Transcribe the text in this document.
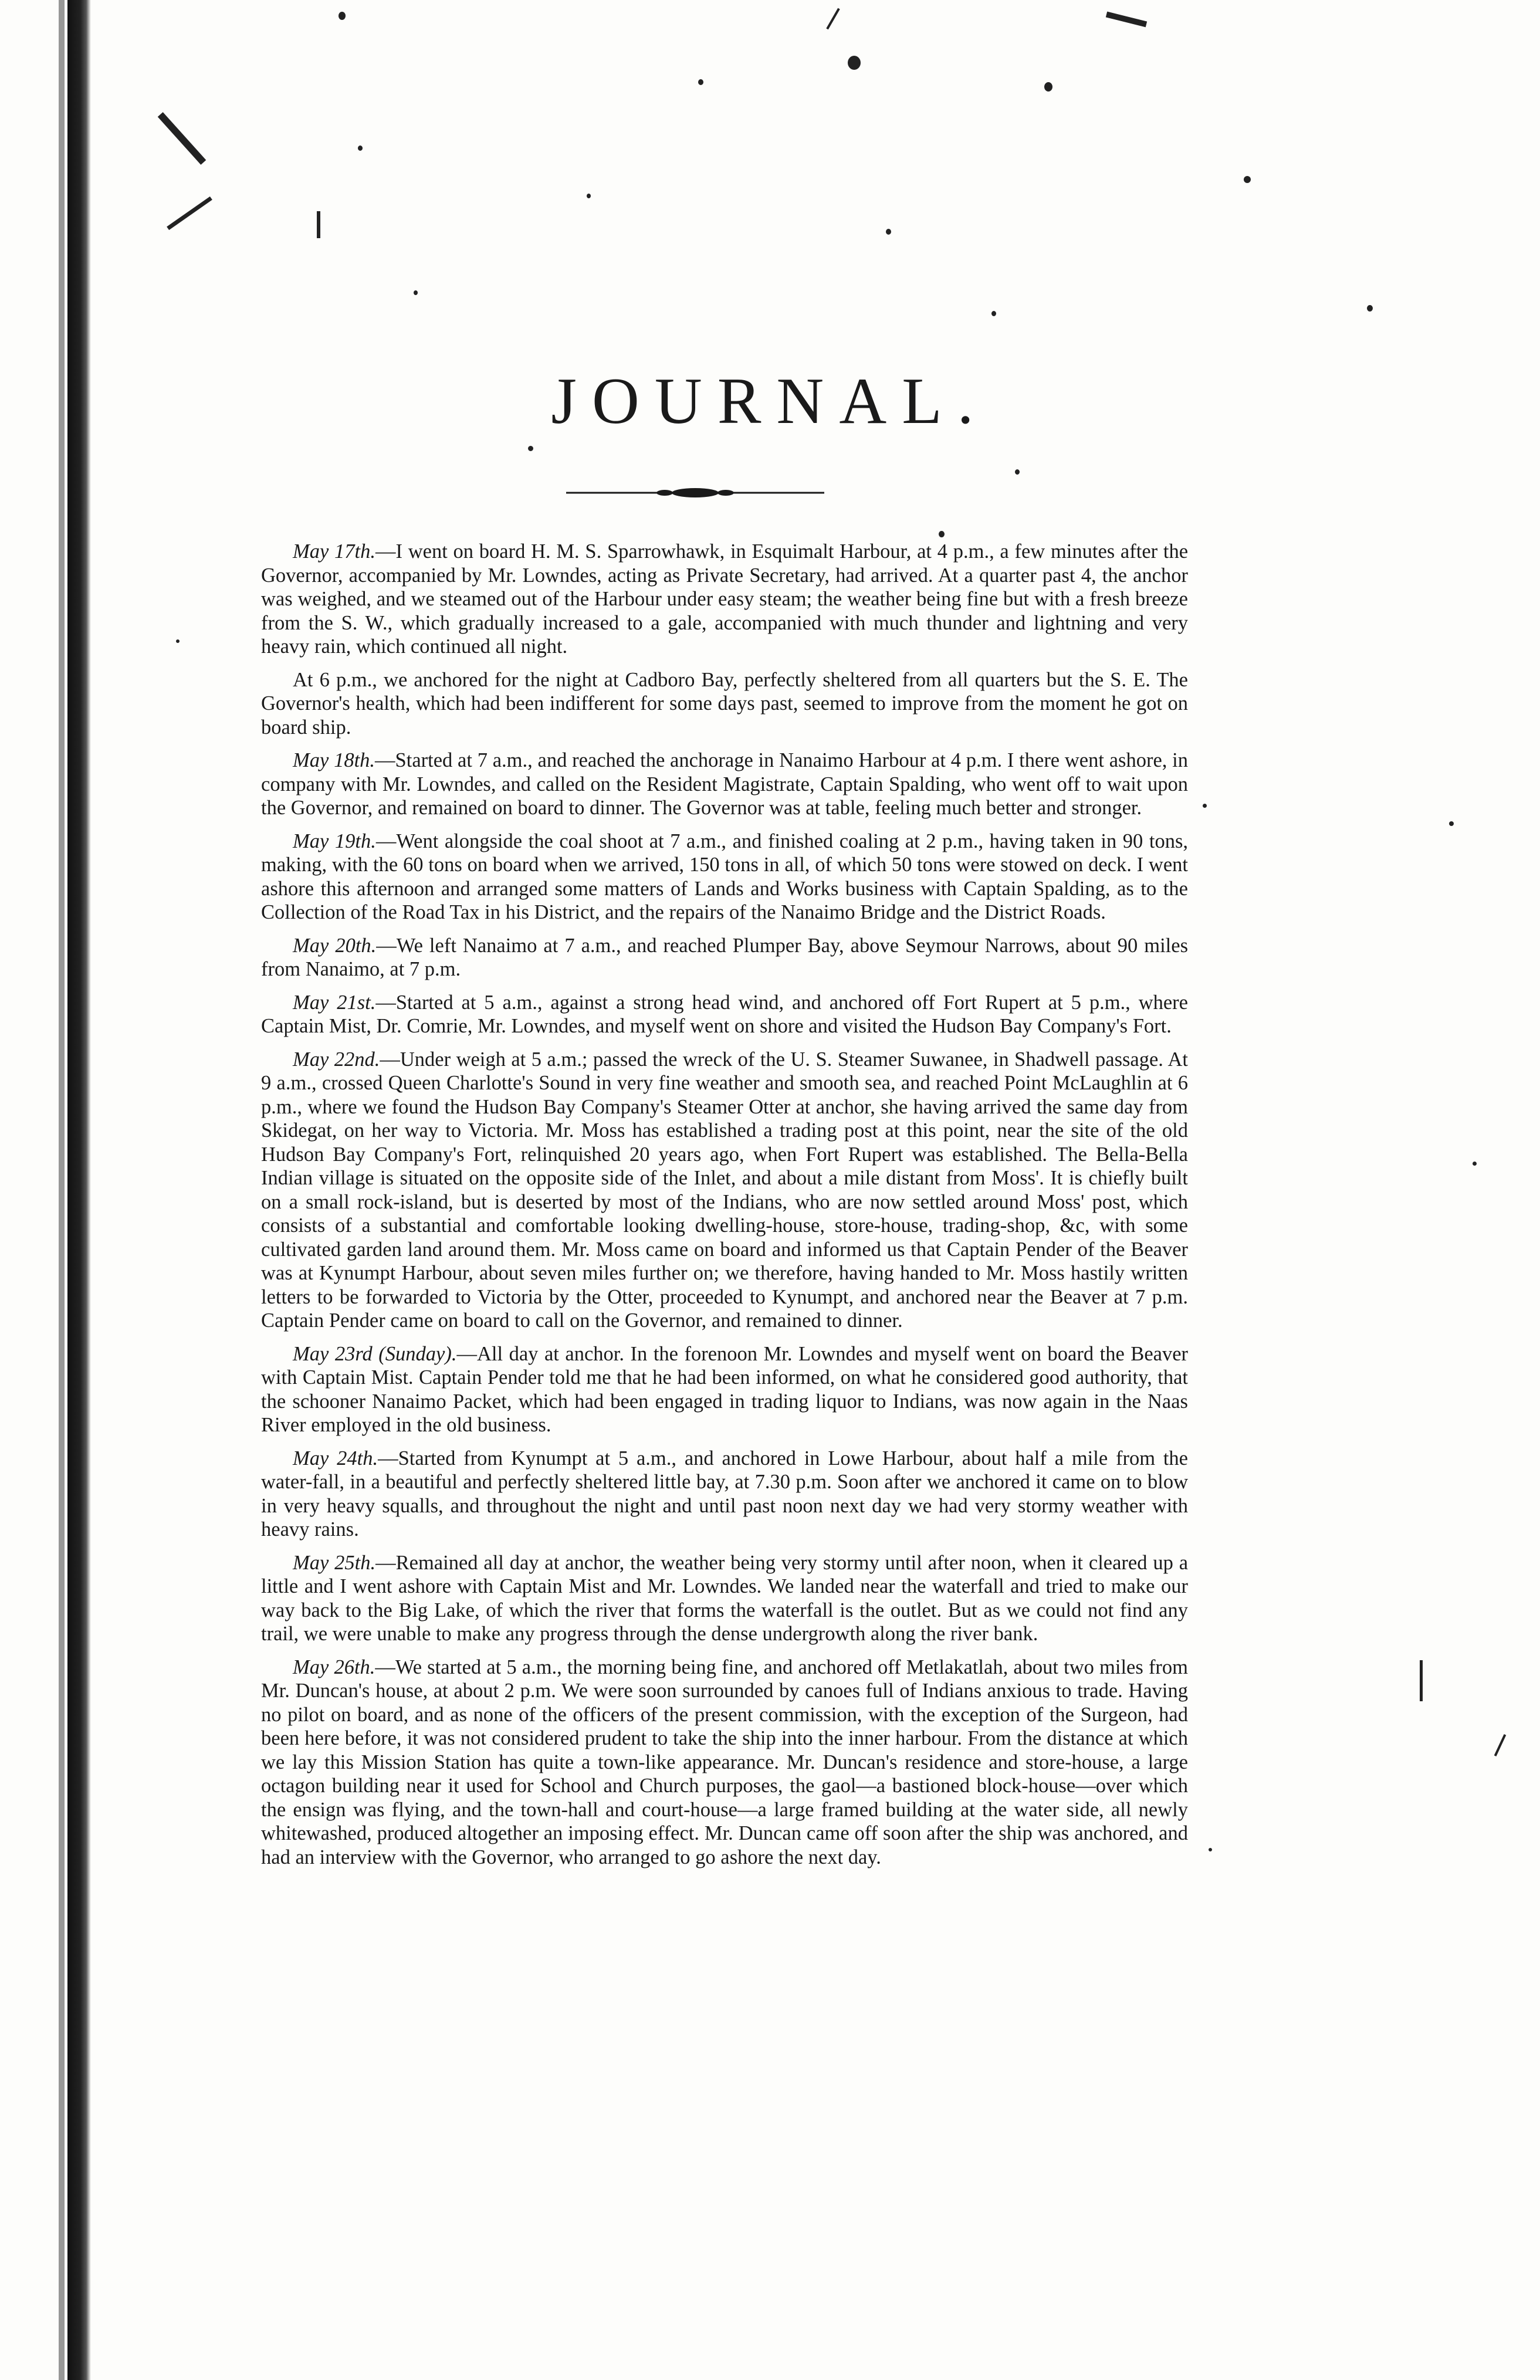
JOURNAL.

May 17th.—I went on board H. M. S. Sparrowhawk, in Esquimalt Harbour, at 4 p.m., a few minutes after the Governor, accompanied by Mr. Lowndes, acting as Private Secretary, had arrived. At a quarter past 4, the anchor was weighed, and we steamed out of the Harbour under easy steam; the weather being fine but with a fresh breeze from the S. W., which gradually increased to a gale, accompanied with much thunder and lightning and very heavy rain, which continued all night.

At 6 p.m., we anchored for the night at Cadboro Bay, perfectly sheltered from all quarters but the S. E. The Governor's health, which had been indifferent for some days past, seemed to improve from the moment he got on board ship.

May 18th.—Started at 7 a.m., and reached the anchorage in Nanaimo Harbour at 4 p.m. I there went ashore, in company with Mr. Lowndes, and called on the Resident Magistrate, Captain Spalding, who went off to wait upon the Governor, and remained on board to dinner. The Governor was at table, feeling much better and stronger.

May 19th.—Went alongside the coal shoot at 7 a.m., and finished coaling at 2 p.m., having taken in 90 tons, making, with the 60 tons on board when we arrived, 150 tons in all, of which 50 tons were stowed on deck. I went ashore this afternoon and arranged some matters of Lands and Works business with Captain Spalding, as to the Collection of the Road Tax in his District, and the repairs of the Nanaimo Bridge and the District Roads.

May 20th.—We left Nanaimo at 7 a.m., and reached Plumper Bay, above Seymour Narrows, about 90 miles from Nanaimo, at 7 p.m.

May 21st.—Started at 5 a.m., against a strong head wind, and anchored off Fort Rupert at 5 p.m., where Captain Mist, Dr. Comrie, Mr. Lowndes, and myself went on shore and visited the Hudson Bay Company's Fort.

May 22nd.—Under weigh at 5 a.m.; passed the wreck of the U. S. Steamer Suwanee, in Shadwell passage. At 9 a.m., crossed Queen Charlotte's Sound in very fine weather and smooth sea, and reached Point McLaughlin at 6 p.m., where we found the Hudson Bay Company's Steamer Otter at anchor, she having arrived the same day from Skidegat, on her way to Victoria. Mr. Moss has established a trading post at this point, near the site of the old Hudson Bay Company's Fort, relinquished 20 years ago, when Fort Rupert was established. The Bella-Bella Indian village is situated on the opposite side of the Inlet, and about a mile distant from Moss'. It is chiefly built on a small rock-island, but is deserted by most of the Indians, who are now settled around Moss' post, which consists of a substantial and comfortable looking dwelling-house, store-house, trading-shop, &c, with some cultivated garden land around them. Mr. Moss came on board and informed us that Captain Pender of the Beaver was at Kynumpt Harbour, about seven miles further on; we therefore, having handed to Mr. Moss hastily written letters to be forwarded to Victoria by the Otter, proceeded to Kynumpt, and anchored near the Beaver at 7 p.m. Captain Pender came on board to call on the Governor, and remained to dinner.

May 23rd (Sunday).—All day at anchor. In the forenoon Mr. Lowndes and myself went on board the Beaver with Captain Mist. Captain Pender told me that he had been informed, on what he considered good authority, that the schooner Nanaimo Packet, which had been engaged in trading liquor to Indians, was now again in the Naas River employed in the old business.

May 24th.—Started from Kynumpt at 5 a.m., and anchored in Lowe Harbour, about half a mile from the water-fall, in a beautiful and perfectly sheltered little bay, at 7.30 p.m. Soon after we anchored it came on to blow in very heavy squalls, and throughout the night and until past noon next day we had very stormy weather with heavy rains.

May 25th.—Remained all day at anchor, the weather being very stormy until after noon, when it cleared up a little and I went ashore with Captain Mist and Mr. Lowndes. We landed near the waterfall and tried to make our way back to the Big Lake, of which the river that forms the waterfall is the outlet. But as we could not find any trail, we were unable to make any progress through the dense undergrowth along the river bank.

May 26th.—We started at 5 a.m., the morning being fine, and anchored off Metlakatlah, about two miles from Mr. Duncan's house, at about 2 p.m. We were soon surrounded by canoes full of Indians anxious to trade. Having no pilot on board, and as none of the officers of the present commission, with the exception of the Surgeon, had been here before, it was not considered prudent to take the ship into the inner harbour. From the distance at which we lay this Mission Station has quite a town-like appearance. Mr. Duncan's residence and store-house, a large octagon building near it used for School and Church purposes, the gaol—a bastioned block-house—over which the ensign was flying, and the town-hall and court-house—a large framed building at the water side, all newly whitewashed, produced altogether an imposing effect. Mr. Duncan came off soon after the ship was anchored, and had an interview with the Governor, who arranged to go ashore the next day.
